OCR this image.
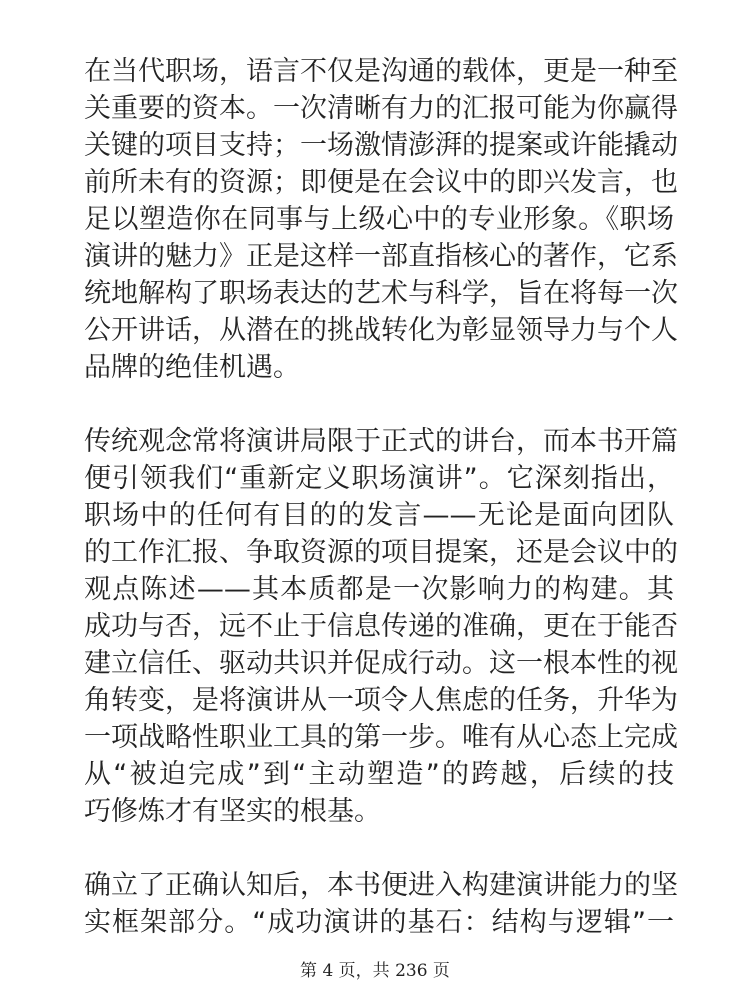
在当代职场，语言不仅是沟通的载体，更是一种至
关重要的资本。一次清晰有力的汇报可能为你赢得
关键的项目支持；一场激情澎湃的提案或许能撬动
前所未有的资源；即便是在会议中的即兴发言，也
足以塑造你在同事与上级心中的专业形象。《职场
演讲的魅力》正是这样一部直指核心的著作，它系
统地解构了职场表达的艺术与科学，旨在将每一次
公开讲话，从潜在的挑战转化为彰显领导力与个人
品牌的绝佳机遇。
传统观念常将演讲局限于正式的讲台，而本书开篇
便引领我们“重新定义职场演讲”。它深刻指出，
职场中的任何有目的的发言——无论是面向团队
的工作汇报、争取资源的项目提案，还是会议中的
观点陈述——其本质都是一次影响力的构建。其
成功与否，远不止于信息传递的准确，更在于能否
建立信任、驱动共识并促成行动。这一根本性的视
角转变，是将演讲从一项令人焦虑的任务，升华为
一项战略性职业工具的第一步。唯有从心态上完成
从“被迫完成”到“主动塑造”的跨越，后续的技
巧修炼才有坚实的根基。
确立了正确认知后，本书便进入构建演讲能力的坚
实框架部分。“成功演讲的基石：结构与逻辑”一
第 4 页，共 236 页
